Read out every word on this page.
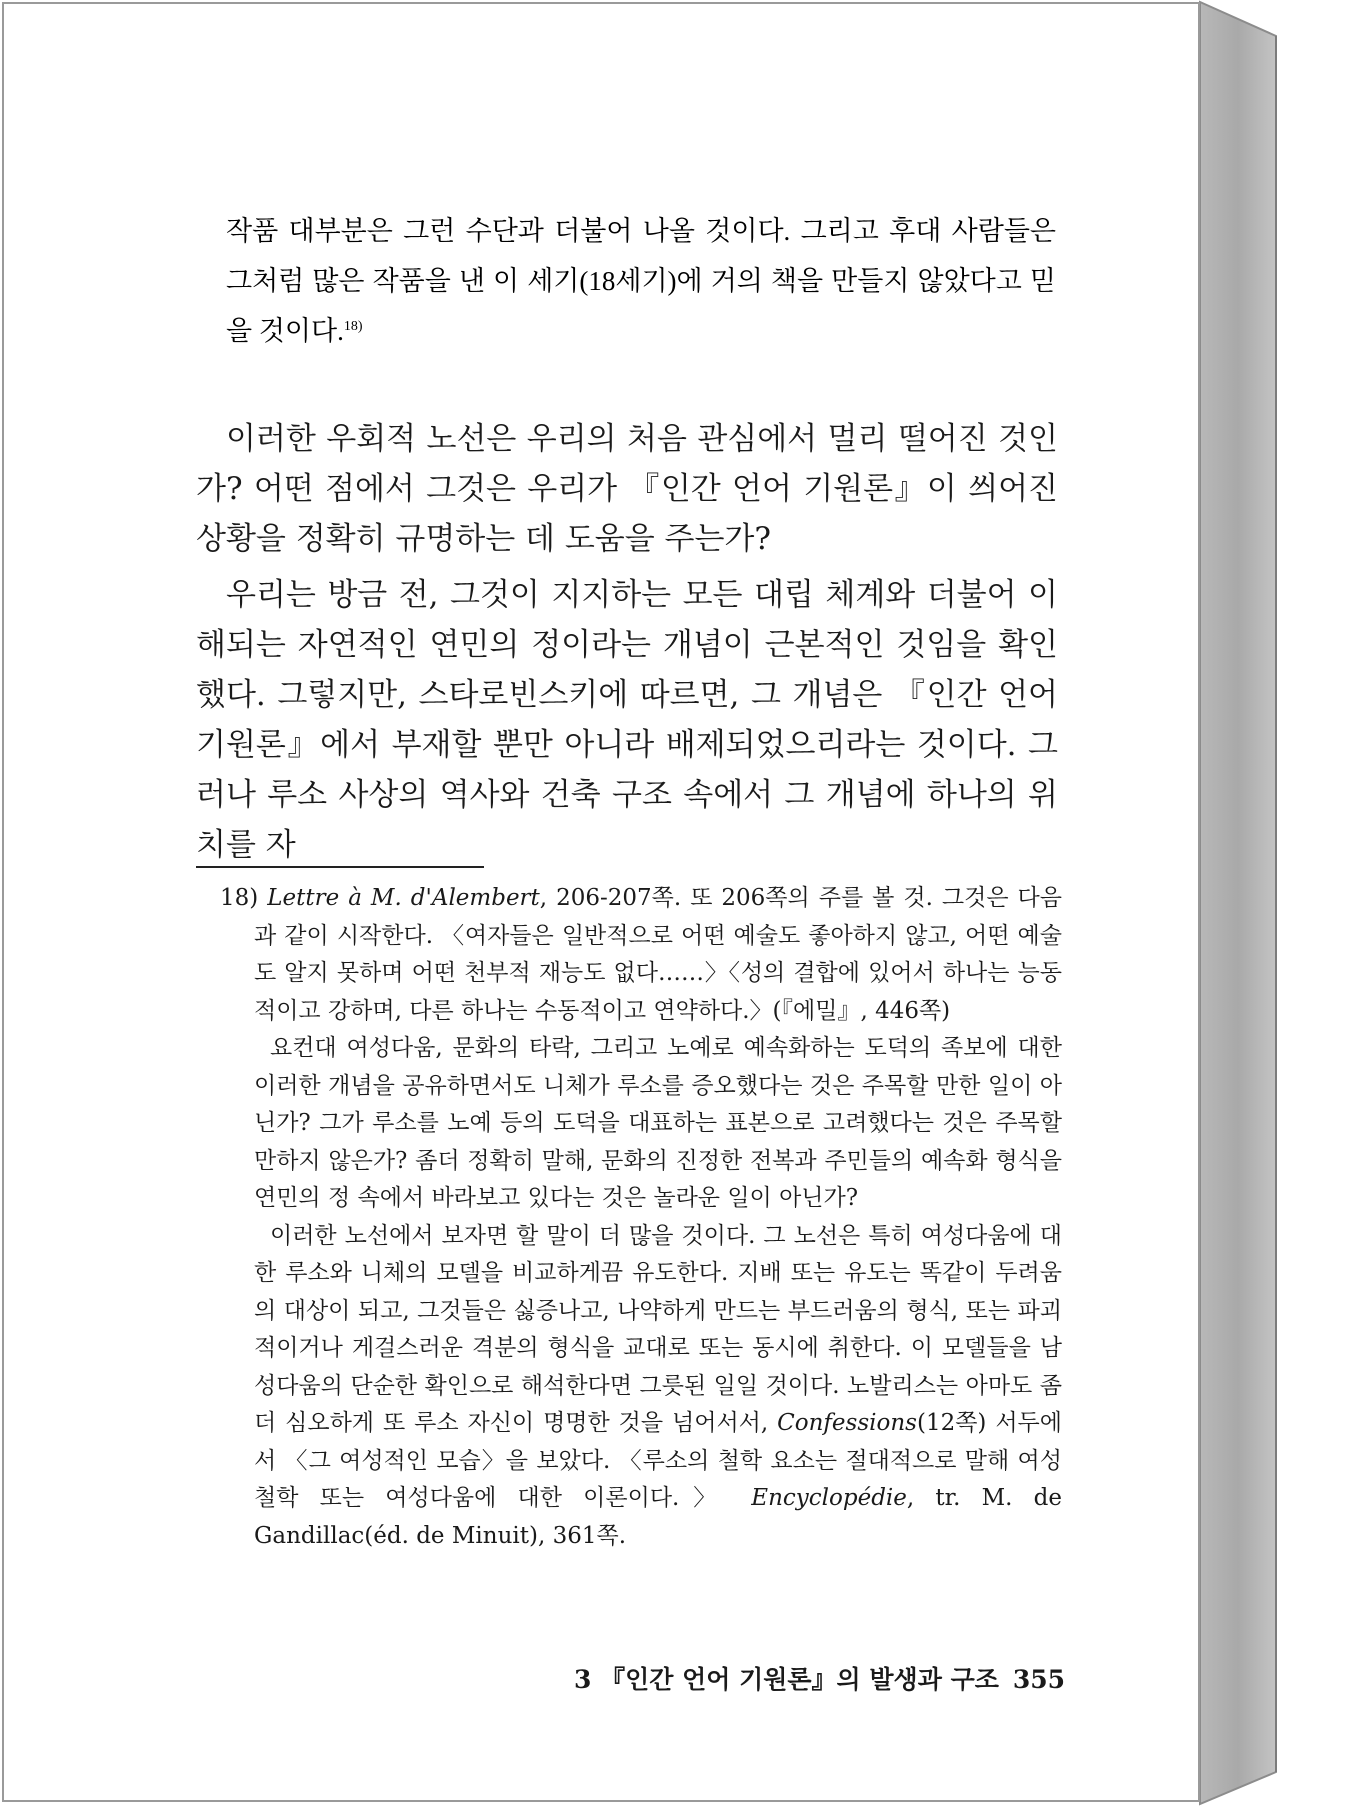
작품 대부분은 그런 수단과 더불어 나올 것이다. 그리고 후대 사람들은 그처럼 많은 작품을 낸 이 세기(18세기)에 거의 책을 만들지 않았다고 믿을 것이다.$^{18)}$

이러한 우회적 노선은 우리의 처음 관심에서 멀리 떨어진 것인가? 어떤 점에서 그것은 우리가 『인간 언어 기원론』이 씌어진 상황을 정확히 규명하는 데 도움을 주는가?

우리는 방금 전, 그것이 지지하는 모든 대립 체계와 더불어 이해되는 자연적인 연민의 정이라는 개념이 근본적인 것임을 확인했다. 그렇지만, 스타로빈스키에 따르면, 그 개념은 『인간 언어 기원론』에서 부재할 뿐만 아니라 배제되었으리라는 것이다. 그러나 루소 사상의 역사와 건축 구조 속에서 그 개념에 하나의 위치를 자

18) Lettre à M. d'Alembert, 206-207쪽. 또 206쪽의 주를 볼 것. 그것은 다음과 같이 시작한다. 〈여자들은 일반적으로 어떤 예술도 좋아하지 않고, 어떤 예술도 알지 못하며 어떤 천부적 재능도 없다……〉〈성의 결합에 있어서 하나는 능동적이고 강하며, 다른 하나는 수동적이고 연약하다.〉(『에밀』, 446쪽)

요컨대 여성다움, 문화의 타락, 그리고 노예로 예속화하는 도덕의 족보에 대한 이러한 개념을 공유하면서도 니체가 루소를 증오했다는 것은 주목할 만한 일이 아닌가? 그가 루소를 노예 등의 도덕을 대표하는 표본으로 고려했다는 것은 주목할 만하지 않은가? 좀더 정확히 말해, 문화의 진정한 전복과 주민들의 예속화 형식을 연민의 정 속에서 바라보고 있다는 것은 놀라운 일이 아닌가?

이러한 노선에서 보자면 할 말이 더 많을 것이다. 그 노선은 특히 여성다움에 대한 루소와 니체의 모델을 비교하게끔 유도한다. 지배 또는 유도는 똑같이 두려움의 대상이 되고, 그것들은 싫증나고, 나약하게 만드는 부드러움의 형식, 또는 파괴적이거나 게걸스러운 격분의 형식을 교대로 또는 동시에 취한다. 이 모델들을 남성다움의 단순한 확인으로 해석한다면 그릇된 일일 것이다. 노발리스는 아마도 좀더 심오하게 또 루소 자신이 명명한 것을 넘어서서, Confessions(12쪽) 서두에서 〈그 여성적인 모습〉을 보았다. 〈루소의 철학 요소는 절대적으로 말해 여성 철학 또는 여성다움에 대한 이론이다.〉 Encyclopédie, tr. M. de Gandillac(éd. de Minuit), 361쪽.

3 『인간 언어 기원론』의 발생과 구조 355
